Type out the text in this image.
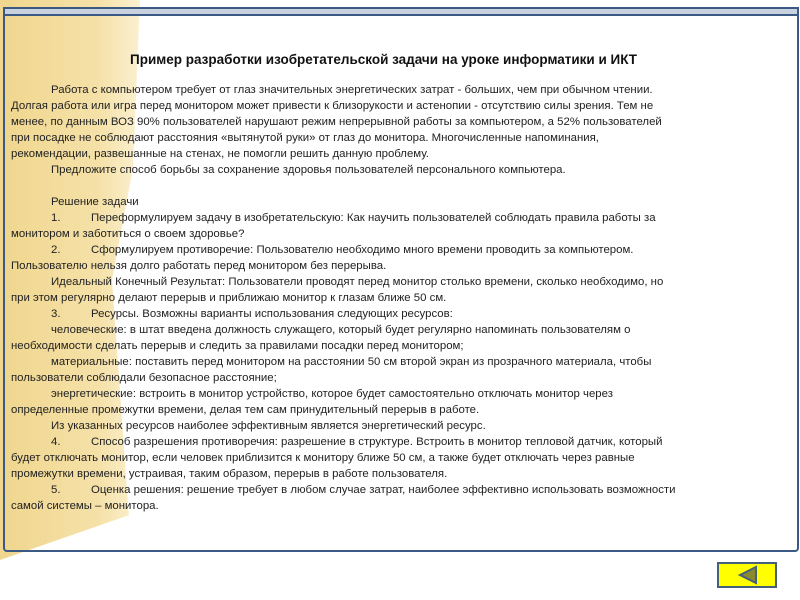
Пример разработки изобретательской задачи на уроке информатики и ИКТ
Работа с компьютером требует от глаз значительных энергетических затрат - больших, чем при обычном чтении.
Долгая работа или игра перед монитором может привести к близорукости и астенопии - отсутствию силы зрения. Тем не
менее, по данным ВОЗ 90% пользователей нарушают режим непрерывной работы за компьютером, а 52% пользователей
при посадке не соблюдают расстояния «вытянутой руки» от глаз до монитора. Многочисленные напоминания,
рекомендации, развешанные на стенах, не помогли решить данную проблему.
Предложите способ борьбы за сохранение здоровья пользователей персонального компьютера.
Решение задачи
1.	Переформулируем задачу в изобретательскую: Как научить пользователей соблюдать правила работы за
монитором и заботиться о своем здоровье?
2.	Сформулируем противоречие: Пользователю необходимо много времени проводить за компьютером.
Пользователю нельзя долго работать перед монитором без перерыва.
Идеальный Конечный Результат: Пользователи проводят перед монитор столько времени, сколько необходимо, но
при этом регулярно делают перерыв и приближаю монитор к глазам ближе 50 см.
3.	Ресурсы. Возможны варианты использования следующих ресурсов:
человеческие: в штат введена должность служащего, который будет регулярно напоминать пользователям о
необходимости сделать перерыв и следить за правилами посадки перед монитором;
материальные: поставить перед монитором на расстоянии 50 см второй экран из прозрачного материала, чтобы
пользователи соблюдали безопасное расстояние;
энергетические: встроить в монитор устройство, которое будет самостоятельно отключать монитор через
определенные промежутки времени, делая тем сам принудительный перерыв в работе.
Из указанных ресурсов наиболее эффективным является энергетический ресурс.
4.	Способ разрешения противоречия: разрешение в структуре. Встроить в монитор тепловой датчик, который
будет отключать монитор, если человек приблизится к монитору ближе 50 см, а также будет отключать через равные
промежутки времени, устраивая, таким образом, перерыв в работе пользователя.
5.	Оценка решения: решение требует в любом случае затрат, наиболее эффективно использовать возможности
самой системы – монитора.
